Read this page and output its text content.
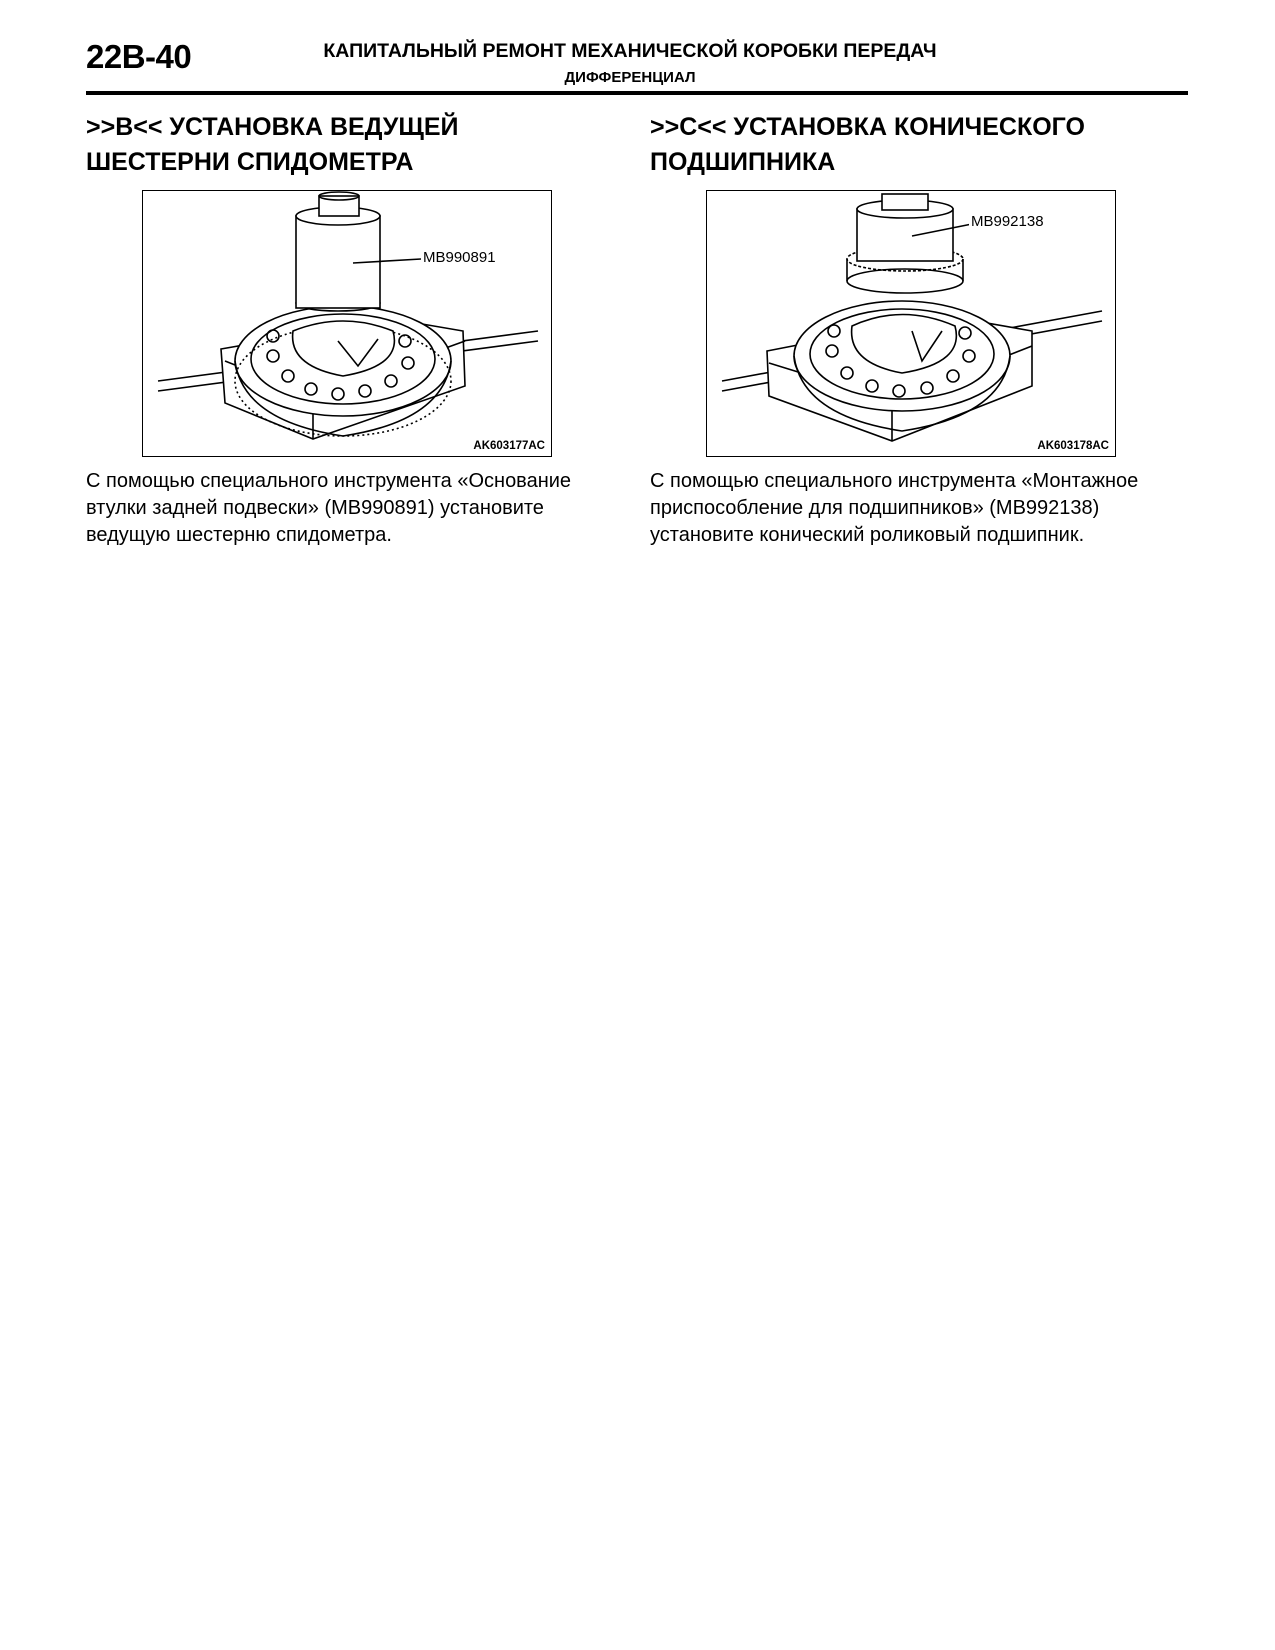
22B-40	КАПИТАЛЬНЫЙ РЕМОНТ МЕХАНИЧЕСКОЙ КОРОБКИ ПЕРЕДАЧ
ДИФФЕРЕНЦИАЛ
>>B<< УСТАНОВКА ВЕДУЩЕЙ
ШЕСТЕРНИ СПИДОМЕТРА
MB990891
AK603177AC

С помощью специального инструмента «Основание втулки задней подвески» (MB990891) установите ведущую шестерню спидометра.

>>C<< УСТАНОВКА КОНИЧЕСКОГО
ПОДШИПНИКА
MB992138
AK603178AC

С помощью специального инструмента «Монтажное приспособление для подшипников» (MB992138) установите конический роликовый подшипник.
